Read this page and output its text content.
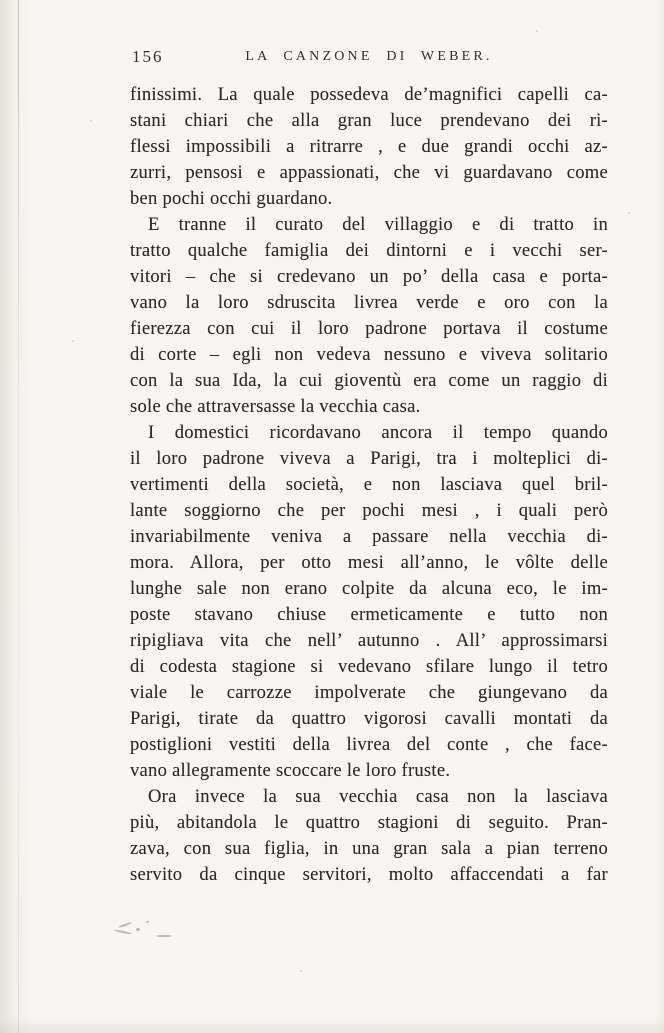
156	LA CANZONE DI WEBER.

finissimi. La quale possedeva de’magnifici capelli ca-
stani chiari che alla gran luce prendevano dei ri-
flessi impossibili a ritrarre , e due grandi occhi az-
zurri, pensosi e appassionati, che vi guardavano come
ben pochi occhi guardano.

E tranne il curato del villaggio e di tratto in
tratto qualche famiglia dei dintorni e i vecchi ser-
vitori – che si credevano un po’ della casa e porta-
vano la loro sdruscita livrea verde e oro con la
fierezza con cui il loro padrone portava il costume
di corte – egli non vedeva nessuno e viveva solitario
con la sua Ida, la cui gioventù era come un raggio di
sole che attraversasse la vecchia casa.

I domestici ricordavano ancora il tempo quando
il loro padrone viveva a Parigi, tra i molteplici di-
vertimenti della società, e non lasciava quel bril-
lante soggiorno che per pochi mesi , i quali però
invariabilmente veniva a passare nella vecchia di-
mora. Allora, per otto mesi all’anno, le vôlte delle
lunghe sale non erano colpite da alcuna eco, le im-
poste stavano chiuse ermeticamente e tutto non
ripigliava vita che nell’ autunno . All’ approssimarsi
di codesta stagione si vedevano sfilare lungo il tetro
viale le carrozze impolverate che giungevano da
Parigi, tirate da quattro vigorosi cavalli montati da
postiglioni vestiti della livrea del conte , che face-
vano allegramente scoccare le loro fruste.

Ora invece la sua vecchia casa non la lasciava
più, abitandola le quattro stagioni di seguito. Pran-
zava, con sua figlia, in una gran sala a pian terreno
servito da cinque servitori, molto affaccendati a far
